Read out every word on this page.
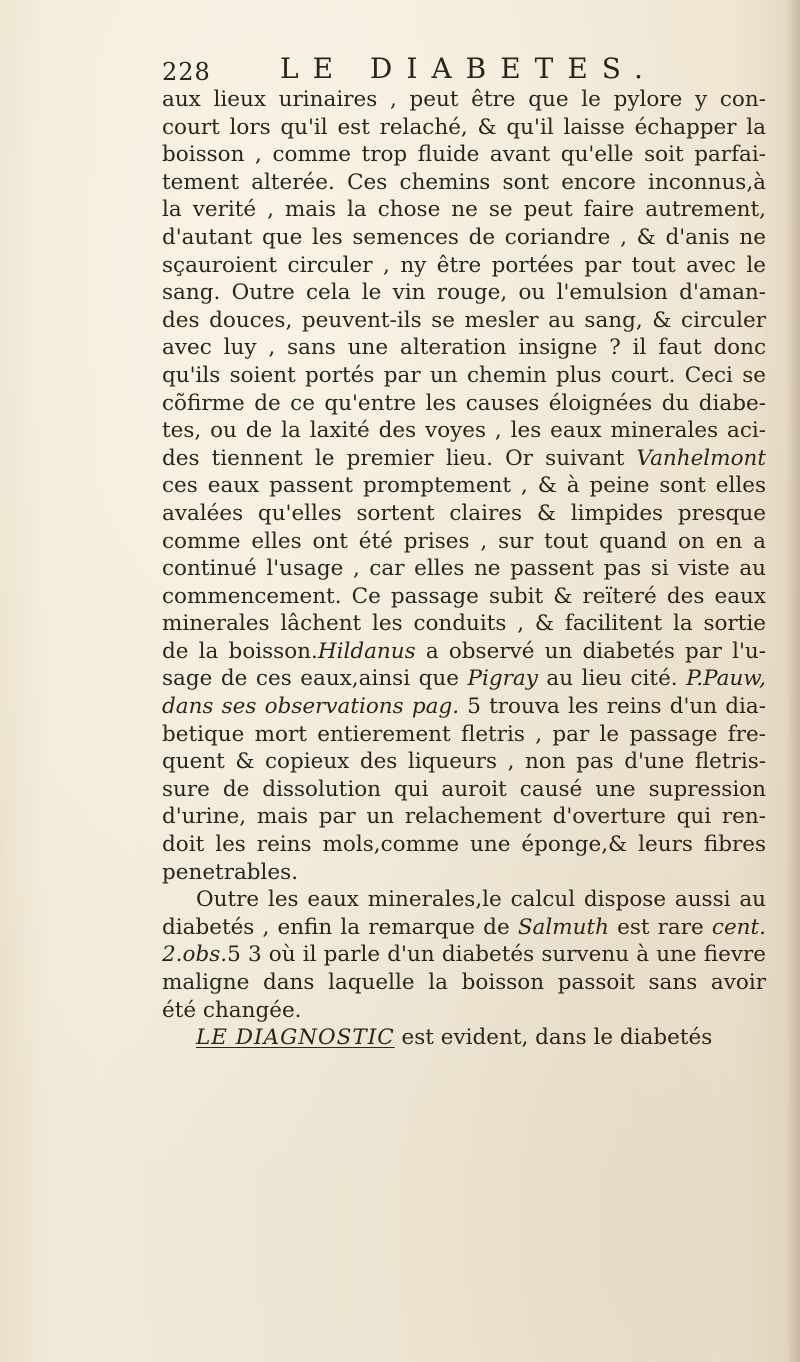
228 LE DIABETES.
aux lieux urinaires , peut être que le pylore y con-
court lors qu'il est relaché, & qu'il laisse échapper la
boisson , comme trop fluide avant qu'elle soit parfai-
tement alterée. Ces chemins sont encore inconnus,à
la verité , mais la chose ne se peut faire autrement,
d'autant que les semences de coriandre , & d'anis ne
sçauroient circuler , ny être portées par tout avec le
sang. Outre cela le vin rouge, ou l'emulsion d'aman-
des douces, peuvent-ils se mesler au sang, & circuler
avec luy , sans une alteration insigne ? il faut donc
qu'ils soient portés par un chemin plus court. Ceci se
cõfirme de ce qu'entre les causes éloignées du diabe-
tes, ou de la laxité des voyes , les eaux minerales aci-
des tiennent le premier lieu. Or suivant Vanhelmont
ces eaux passent promptement , & à peine sont elles
avalées qu'elles sortent claires & limpides presque
comme elles ont été prises , sur tout quand on en a
continué l'usage , car elles ne passent pas si viste au
commencement. Ce passage subit & reïteré des eaux
minerales lâchent les conduits , & facilitent la sortie
de la boisson.Hildanus a observé un diabetés par l'u-
sage de ces eaux,ainsi que Pigray au lieu cité. P.Pauw,
dans ses observations pag. 5 trouva les reins d'un dia-
betique mort entierement fletris , par le passage fre-
quent & copieux des liqueurs , non pas d'une fletris-
sure de dissolution qui auroit causé une supression
d'urine, mais par un relachement d'overture qui ren-
doit les reins mols,comme une éponge,& leurs fibres
penetrables.
Outre les eaux minerales,le calcul dispose aussi au
diabetés , enfin la remarque de Salmuth est rare cent.
2.obs.5 3 où il parle d'un diabetés survenu à une fievre
maligne dans laquelle la boisson passoit sans avoir
été changée.
LE DIAGNOSTIC est evident, dans le diabetés
